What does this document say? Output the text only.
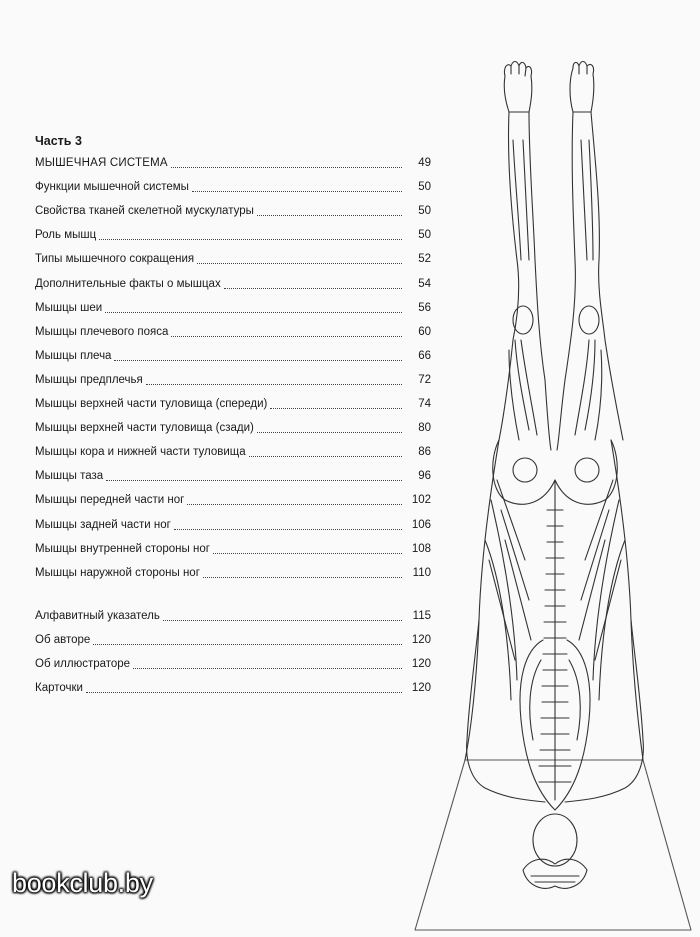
Часть 3
МЫШЕЧНАЯ СИСТЕМА	49
Функции мышечной системы	50
Свойства тканей скелетной мускулатуры	50
Роль мышц	50
Типы мышечного сокращения	52
Дополнительные факты о мышцах	54
Мышцы шеи	56
Мышцы плечевого пояса	60
Мышцы плеча	66
Мышцы предплечья	72
Мышцы верхней части туловища (спереди)	74
Мышцы верхней части туловища (сзади)	80
Мышцы кора и нижней части туловища	86
Мышцы таза	96
Мышцы передней части ног	102
Мышцы задней части ног	106
Мышцы внутренней стороны ног	108
Мышцы наружной стороны ног	110
Алфавитный указатель	115
Об авторе	120
Об иллюстраторе	120
Карточки	120
bookclub.by
